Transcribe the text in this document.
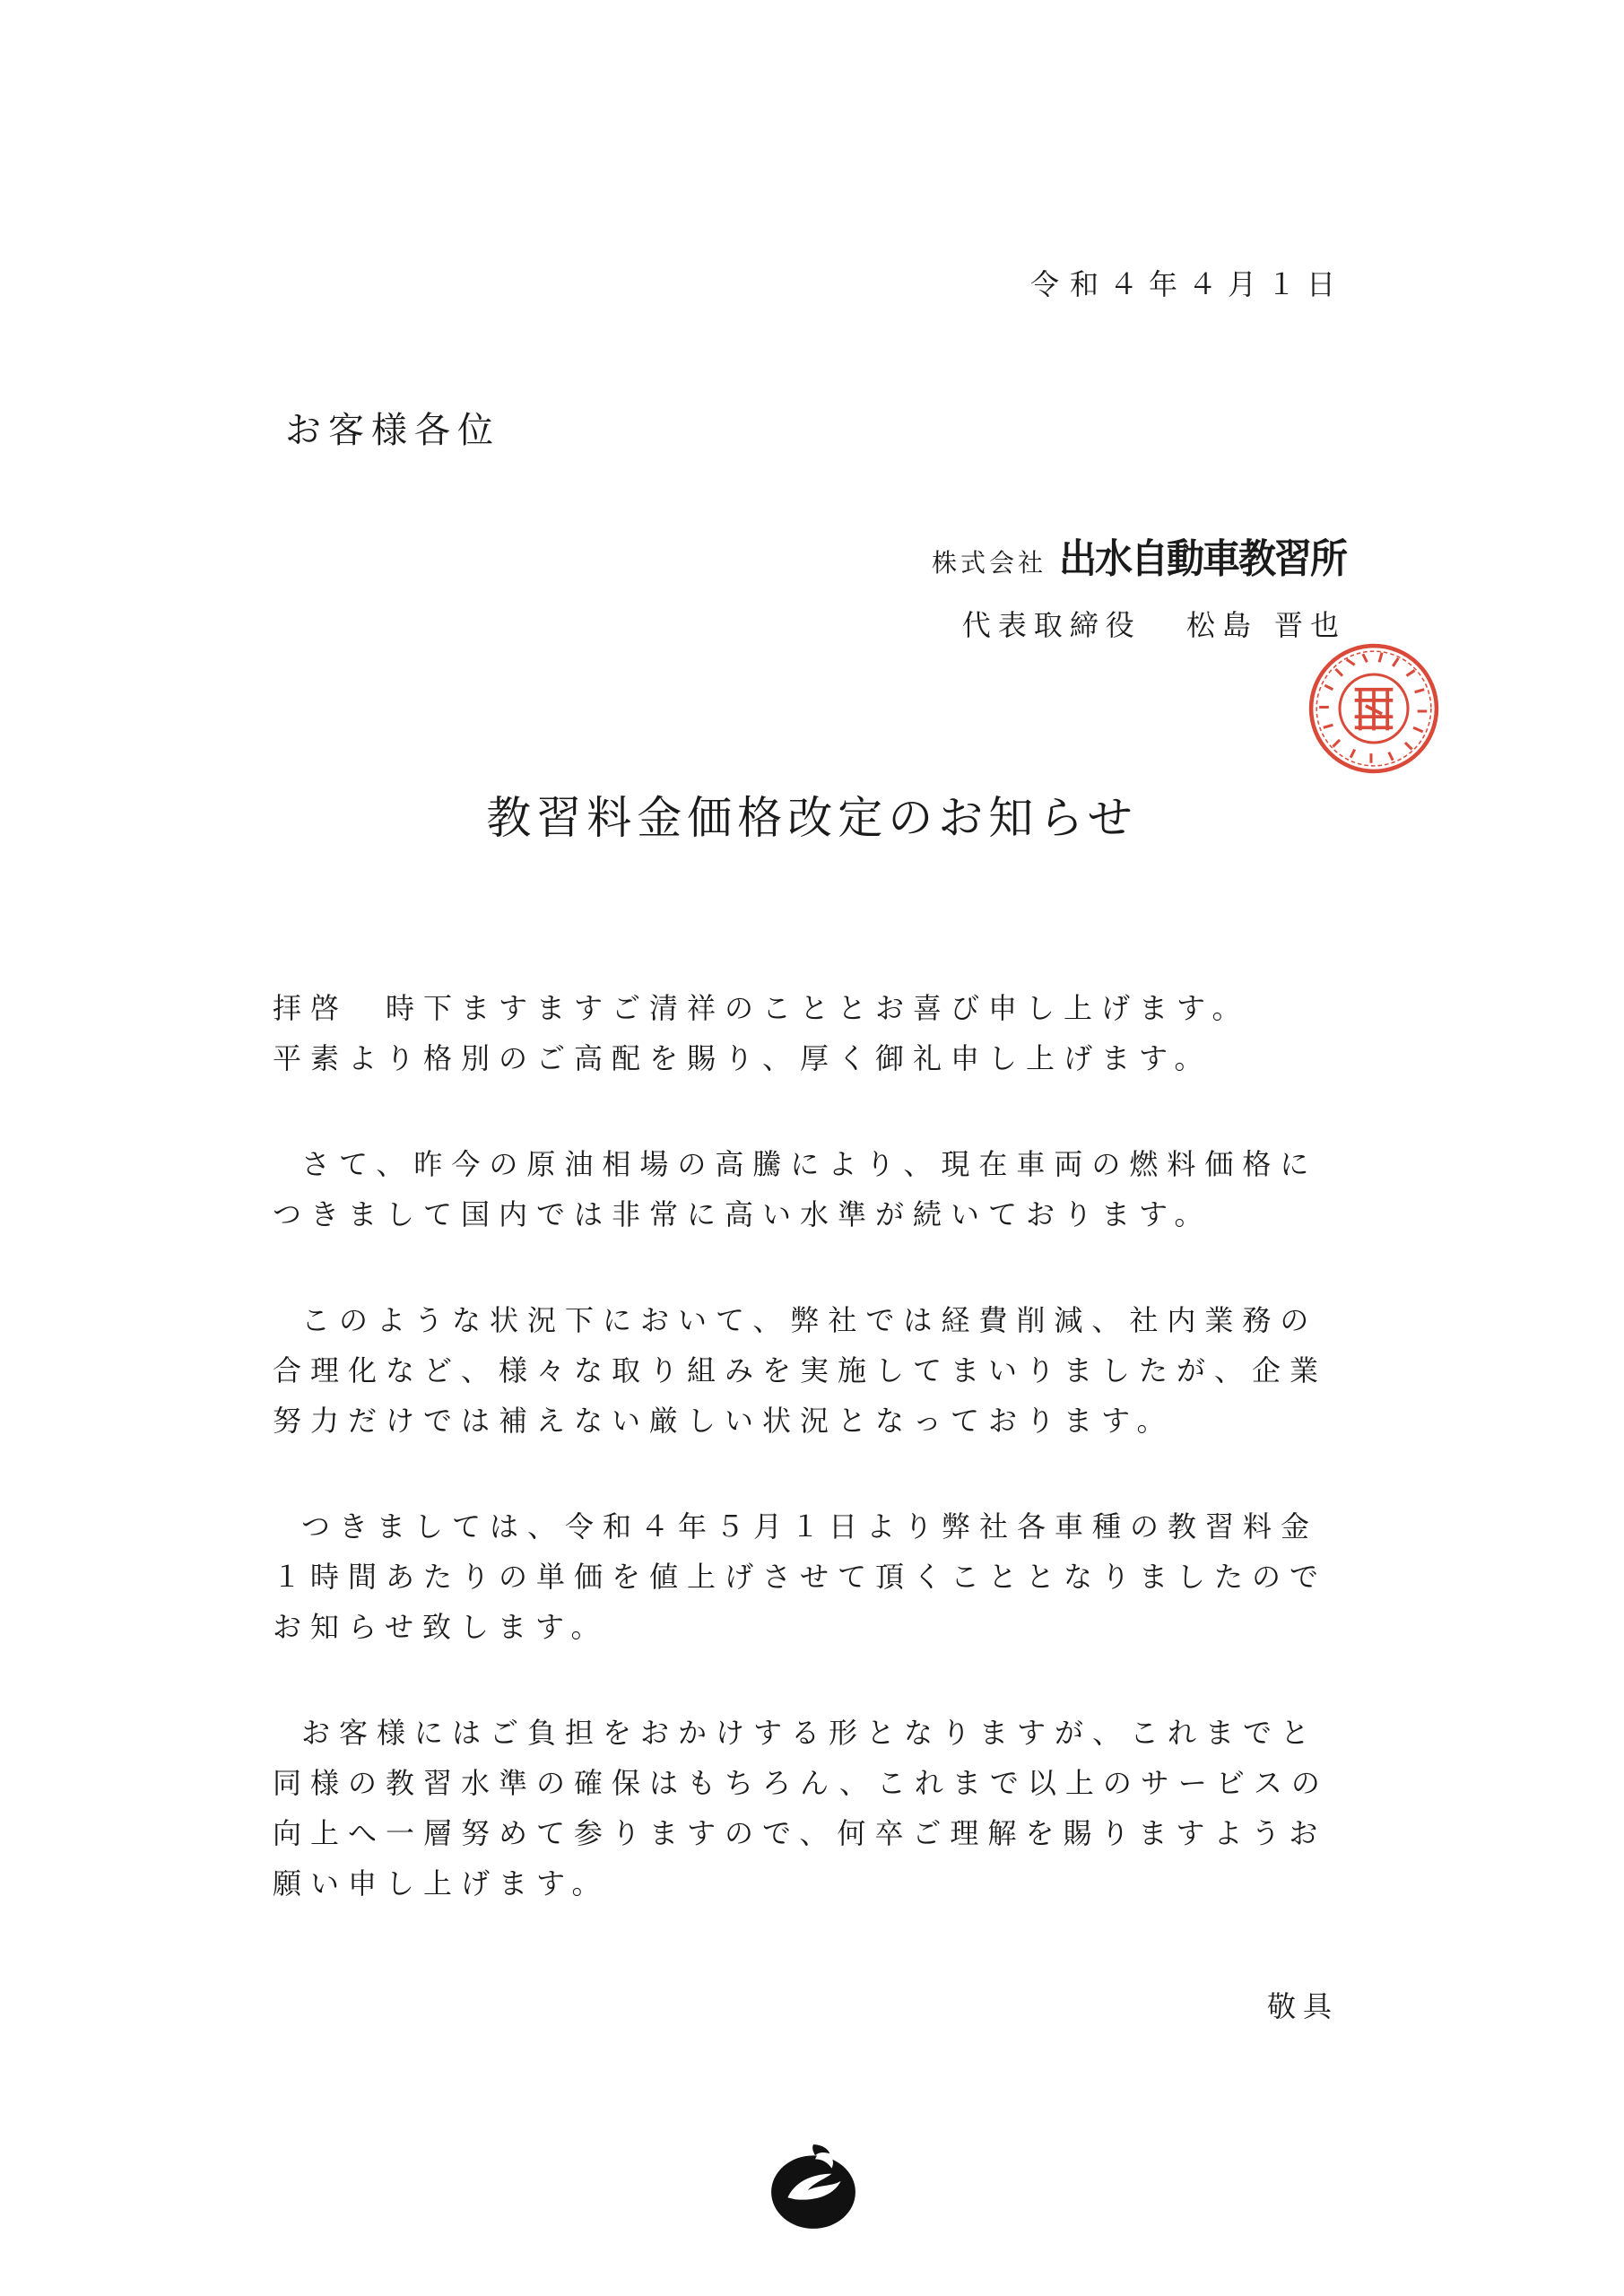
令和４年４月１日
お客様各位
株式会社 出水自動車教習所
代表取締役 松島 晋也
教習料金価格改定のお知らせ

拝啓　時下ますますご清祥のこととお喜び申し上げます。

平素より格別のご高配を賜り、厚く御礼申し上げます。

さて、昨今の原油相場の高騰により、現在車両の燃料価格につきまして国内では非常に高い水準が続いております。

このような状況下において、弊社では経費削減、社内業務の合理化など、様々な取り組みを実施してまいりましたが、企業努力だけでは補えない厳しい状況となっております。

つきましては、令和４年５月１日より弊社各車種の教習料金１時間あたりの単価を値上げさせて頂くこととなりましたのでお知らせ致します。

お客様にはご負担をおかけする形となりますが、これまでと同様の教習水準の確保はもちろん、これまで以上のサービスの向上へ一層努めて参りますので、何卒ご理解を賜りますようお願い申し上げます。

敬具
